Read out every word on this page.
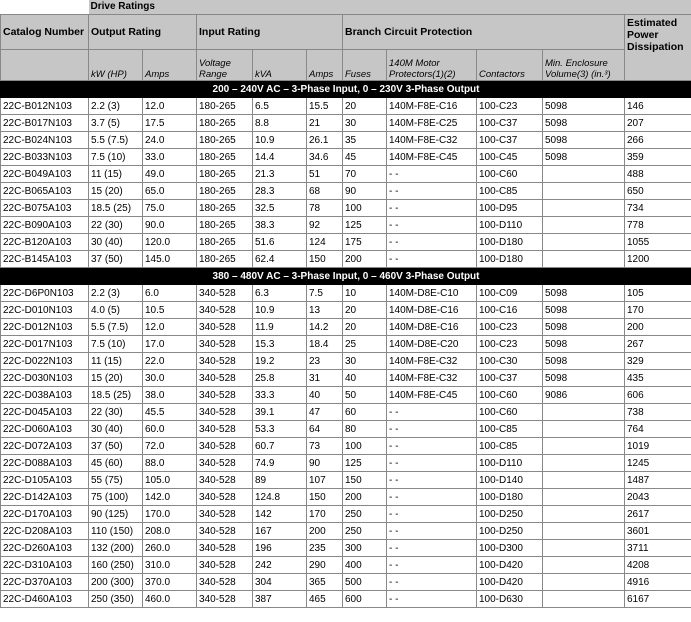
	Drive Ratings									
Catalog Number	Output Rating		Input Rating			Branch Circuit Protection				Estimated Power Dissipation
	kW (HP)	Amps	Voltage Range	kVA	Amps	Fuses	140M Motor Protectors(1)(2)	Contactors	Min. Enclosure Volume(3) (in.³)	
200 – 240V AC – 3-Phase Input, 0 – 230V 3-Phase Output										
22C-B012N103	2.2 (3)	12.0	180-265	6.5	15.5	20	140M-F8E-C16	100-C23	5098	146
22C-B017N103	3.7 (5)	17.5	180-265	8.8	21	30	140M-F8E-C25	100-C37	5098	207
22C-B024N103	5.5 (7.5)	24.0	180-265	10.9	26.1	35	140M-F8E-C32	100-C37	5098	266
22C-B033N103	7.5 (10)	33.0	180-265	14.4	34.6	45	140M-F8E-C45	100-C45	5098	359
22C-B049A103	11 (15)	49.0	180-265	21.3	51	70	- -	100-C60		488
22C-B065A103	15 (20)	65.0	180-265	28.3	68	90	- -	100-C85		650
22C-B075A103	18.5 (25)	75.0	180-265	32.5	78	100	- -	100-D95		734
22C-B090A103	22 (30)	90.0	180-265	38.3	92	125	- -	100-D110		778
22C-B120A103	30 (40)	120.0	180-265	51.6	124	175	- -	100-D180		1055
22C-B145A103	37 (50)	145.0	180-265	62.4	150	200	- -	100-D180		1200
380 – 480V AC – 3-Phase Input, 0 – 460V 3-Phase Output										
22C-D6P0N103	2.2 (3)	6.0	340-528	6.3	7.5	10	140M-D8E-C10	100-C09	5098	105
22C-D010N103	4.0 (5)	10.5	340-528	10.9	13	20	140M-D8E-C16	100-C16	5098	170
22C-D012N103	5.5 (7.5)	12.0	340-528	11.9	14.2	20	140M-D8E-C16	100-C23	5098	200
22C-D017N103	7.5 (10)	17.0	340-528	15.3	18.4	25	140M-D8E-C20	100-C23	5098	267
22C-D022N103	11 (15)	22.0	340-528	19.2	23	30	140M-F8E-C32	100-C30	5098	329
22C-D030N103	15 (20)	30.0	340-528	25.8	31	40	140M-F8E-C32	100-C37	5098	435
22C-D038A103	18.5 (25)	38.0	340-528	33.3	40	50	140M-F8E-C45	100-C60	9086	606
22C-D045A103	22 (30)	45.5	340-528	39.1	47	60	- -	100-C60		738
22C-D060A103	30 (40)	60.0	340-528	53.3	64	80	- -	100-C85		764
22C-D072A103	37 (50)	72.0	340-528	60.7	73	100	- -	100-C85		1019
22C-D088A103	45 (60)	88.0	340-528	74.9	90	125	- -	100-D110		1245
22C-D105A103	55 (75)	105.0	340-528	89	107	150	- -	100-D140		1487
22C-D142A103	75 (100)	142.0	340-528	124.8	150	200	- -	100-D180		2043
22C-D170A103	90 (125)	170.0	340-528	142	170	250	- -	100-D250		2617
22C-D208A103	110 (150)	208.0	340-528	167	200	250	- -	100-D250		3601
22C-D260A103	132 (200)	260.0	340-528	196	235	300	- -	100-D300		3711
22C-D310A103	160 (250)	310.0	340-528	242	290	400	- -	100-D420		4208
22C-D370A103	200 (300)	370.0	340-528	304	365	500	- -	100-D420		4916
22C-D460A103	250 (350)	460.0	340-528	387	465	600	- -	100-D630		6167
